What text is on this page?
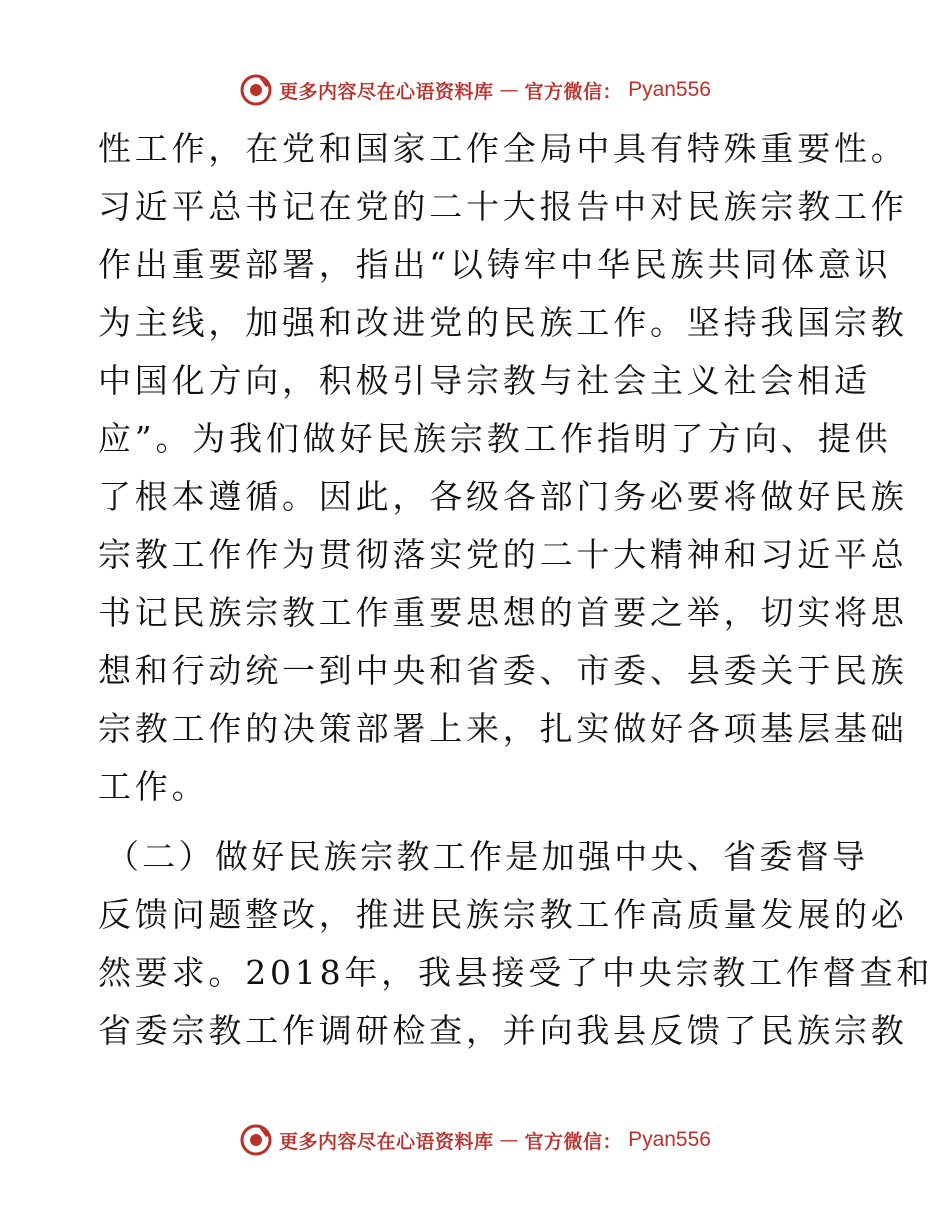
更多内容尽在心语资料库 — 官方微信： Pyan556
性工作，在党和国家工作全局中具有特殊重要性。
习近平总书记在党的二十大报告中对民族宗教工作
作出重要部署，指出“以铸牢中华民族共同体意识
为主线，加强和改进党的民族工作。坚持我国宗教
中国化方向，积极引导宗教与社会主义社会相适
应”。为我们做好民族宗教工作指明了方向、提供
了根本遵循。因此，各级各部门务必要将做好民族
宗教工作作为贯彻落实党的二十大精神和习近平总
书记民族宗教工作重要思想的首要之举，切实将思
想和行动统一到中央和省委、市委、县委关于民族
宗教工作的决策部署上来，扎实做好各项基层基础
工作。
（二）做好民族宗教工作是加强中央、省委督导
反馈问题整改，推进民族宗教工作高质量发展的必
然要求。2018年，我县接受了中央宗教工作督查和
省委宗教工作调研检查，并向我县反馈了民族宗教
更多内容尽在心语资料库 — 官方微信： Pyan556
